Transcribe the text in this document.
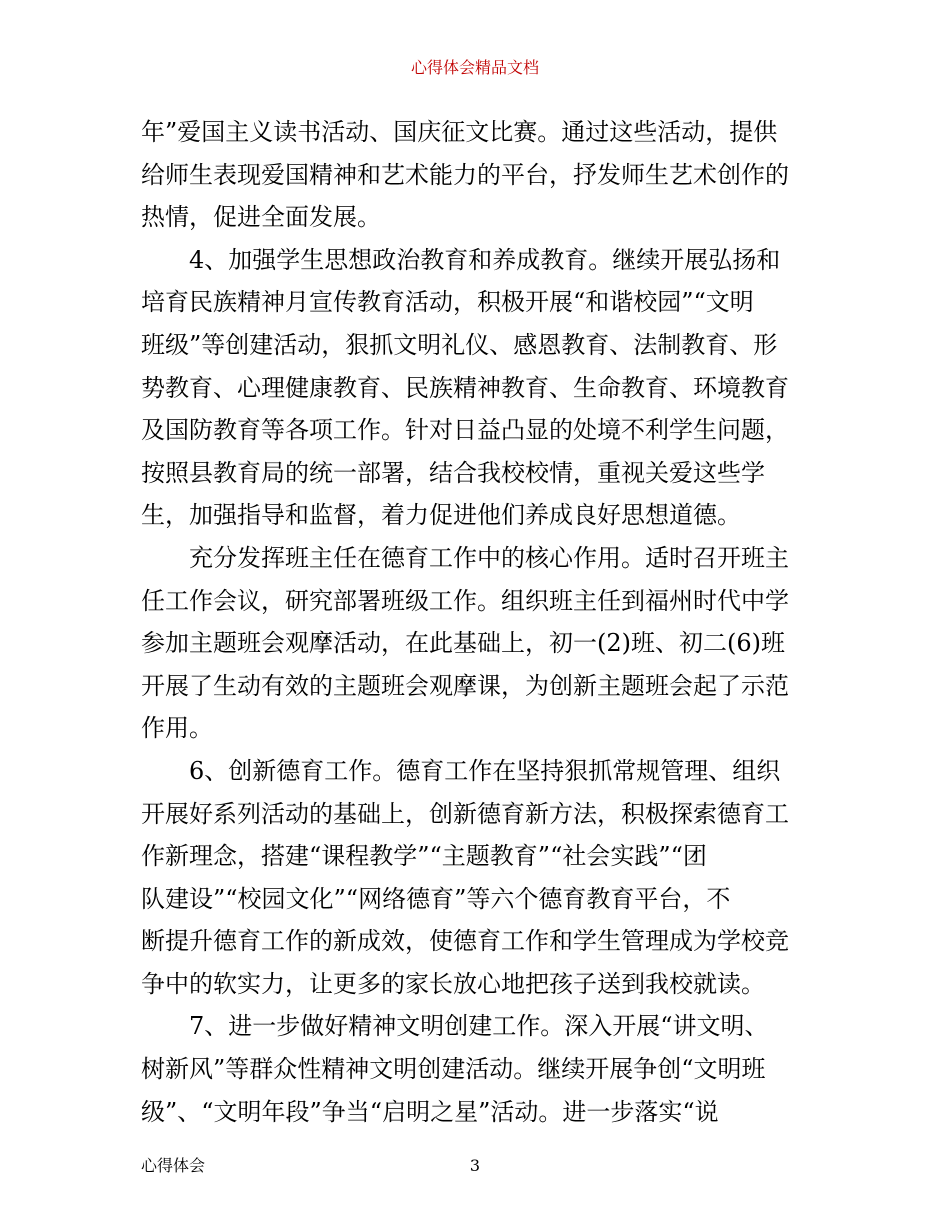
心得体会精品文档
年”爱国主义读书活动、国庆征文比赛。通过这些活动，提供
给师生表现爱国精神和艺术能力的平台，抒发师生艺术创作的
热情，促进全面发展。
4、加强学生思想政治教育和养成教育。继续开展弘扬和
培育民族精神月宣传教育活动，积极开展“和谐校园”“文明
班级”等创建活动，狠抓文明礼仪、感恩教育、法制教育、形
势教育、心理健康教育、民族精神教育、生命教育、环境教育
及国防教育等各项工作。针对日益凸显的处境不利学生问题，
按照县教育局的统一部署，结合我校校情，重视关爱这些学
生，加强指导和监督，着力促进他们养成良好思想道德。
充分发挥班主任在德育工作中的核心作用。适时召开班主
任工作会议，研究部署班级工作。组织班主任到福州时代中学
参加主题班会观摩活动，在此基础上，初一(2)班、初二(6)班
开展了生动有效的主题班会观摩课，为创新主题班会起了示范
作用。
6、创新德育工作。德育工作在坚持狠抓常规管理、组织
开展好系列活动的基础上，创新德育新方法，积极探索德育工
作新理念，搭建“课程教学”“主题教育”“社会实践”“团
队建设”“校园文化”“网络德育”等六个德育教育平台，不
断提升德育工作的新成效，使德育工作和学生管理成为学校竞
争中的软实力，让更多的家长放心地把孩子送到我校就读。
7、进一步做好精神文明创建工作。深入开展“讲文明、
树新风”等群众性精神文明创建活动。继续开展争创“文明班
级”、“文明年段”争当“启明之星”活动。进一步落实“说
心得体会	3
